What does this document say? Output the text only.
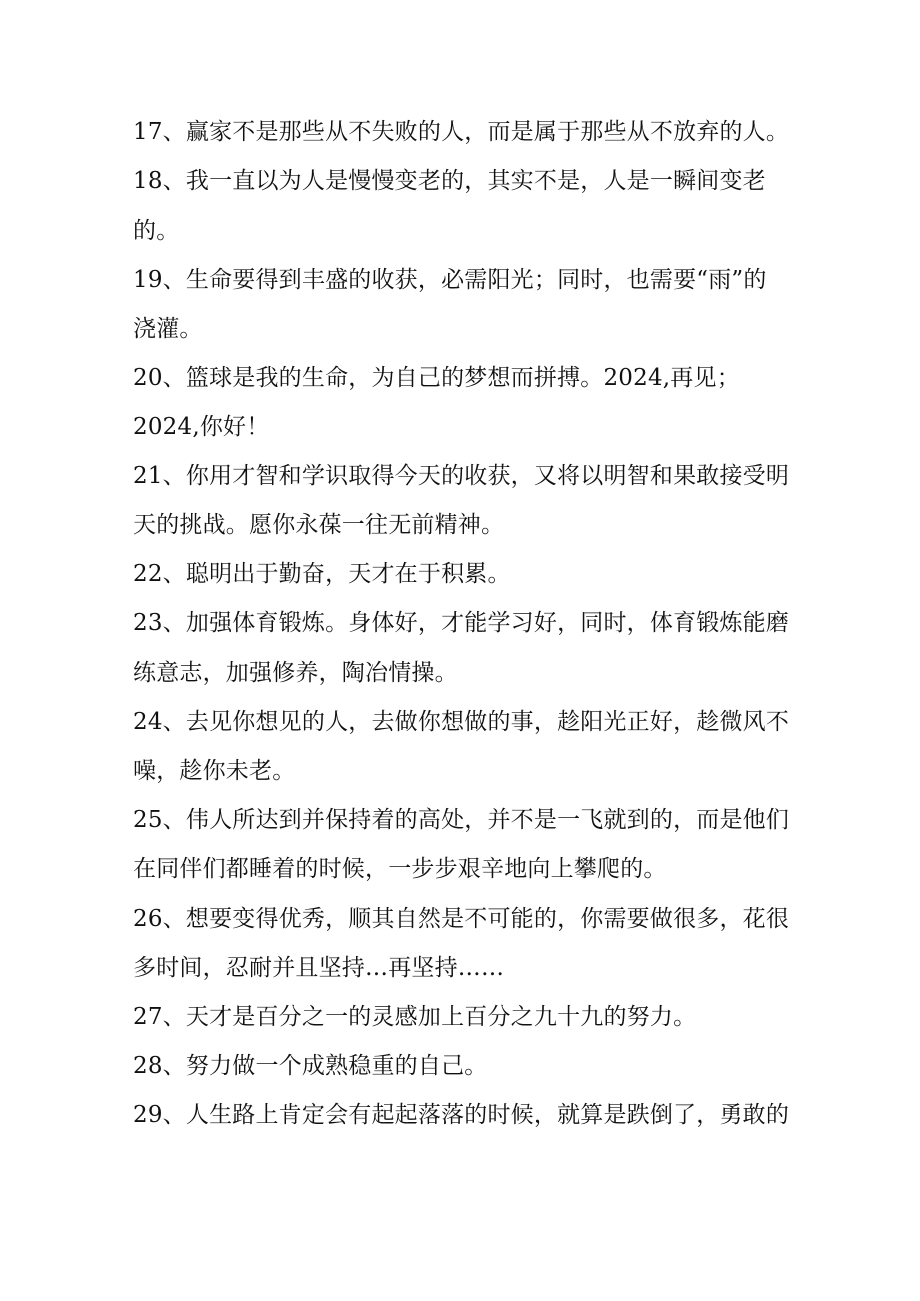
17、赢家不是那些从不失败的人，而是属于那些从不放弃的人。
18、我一直以为人是慢慢变老的，其实不是，人是一瞬间变老
的。
19、生命要得到丰盛的收获，必需阳光；同时，也需要“雨”的
浇灌。
20、篮球是我的生命，为自己的梦想而拼搏。2024,再见；
2024,你好！
21、你用才智和学识取得今天的收获，又将以明智和果敢接受明
天的挑战。愿你永葆一往无前精神。
22、聪明出于勤奋，天才在于积累。
23、加强体育锻炼。身体好，才能学习好，同时，体育锻炼能磨
练意志，加强修养，陶冶情操。
24、去见你想见的人，去做你想做的事，趁阳光正好，趁微风不
噪，趁你未老。
25、伟人所达到并保持着的高处，并不是一飞就到的，而是他们
在同伴们都睡着的时候，一步步艰辛地向上攀爬的。
26、想要变得优秀，顺其自然是不可能的，你需要做很多，花很
多时间，忍耐并且坚持…再坚持……
27、天才是百分之一的灵感加上百分之九十九的努力。
28、努力做一个成熟稳重的自己。
29、人生路上肯定会有起起落落的时候，就算是跌倒了，勇敢的
